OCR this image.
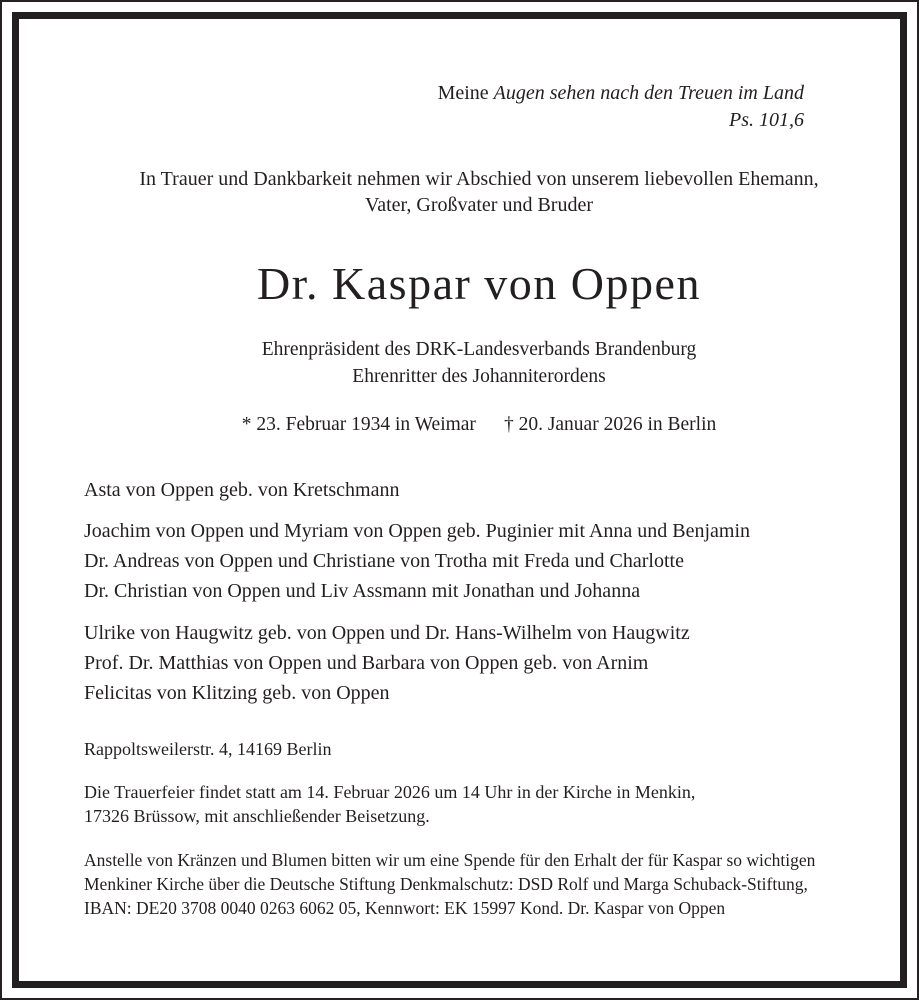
Meine Augen sehen nach den Treuen im Land
Ps. 101,6
In Trauer und Dankbarkeit nehmen wir Abschied von unserem liebevollen Ehemann,
Vater, Großvater und Bruder
Dr. Kaspar von Oppen
Ehrenpräsident des DRK-Landesverbands Brandenburg
Ehrenritter des Johanniterordens
* 23. Februar 1934 in Weimar † 20. Januar 2026 in Berlin
Asta von Oppen geb. von Kretschmann
Joachim von Oppen und Myriam von Oppen geb. Puginier mit Anna und Benjamin
Dr. Andreas von Oppen und Christiane von Trotha mit Freda und Charlotte
Dr. Christian von Oppen und Liv Assmann mit Jonathan und Johanna
Ulrike von Haugwitz geb. von Oppen und Dr. Hans-Wilhelm von Haugwitz
Prof. Dr. Matthias von Oppen und Barbara von Oppen geb. von Arnim
Felicitas von Klitzing geb. von Oppen
Rappoltsweilerstr. 4, 14169 Berlin
Die Trauerfeier findet statt am 14. Februar 2026 um 14 Uhr in der Kirche in Menkin,
17326 Brüssow, mit anschließender Beisetzung.
Anstelle von Kränzen und Blumen bitten wir um eine Spende für den Erhalt der für Kaspar so wichtigen
Menkiner Kirche über die Deutsche Stiftung Denkmalschutz: DSD Rolf und Marga Schuback-Stiftung,
IBAN: DE20 3708 0040 0263 6062 05, Kennwort: EK 15997 Kond. Dr. Kaspar von Oppen
